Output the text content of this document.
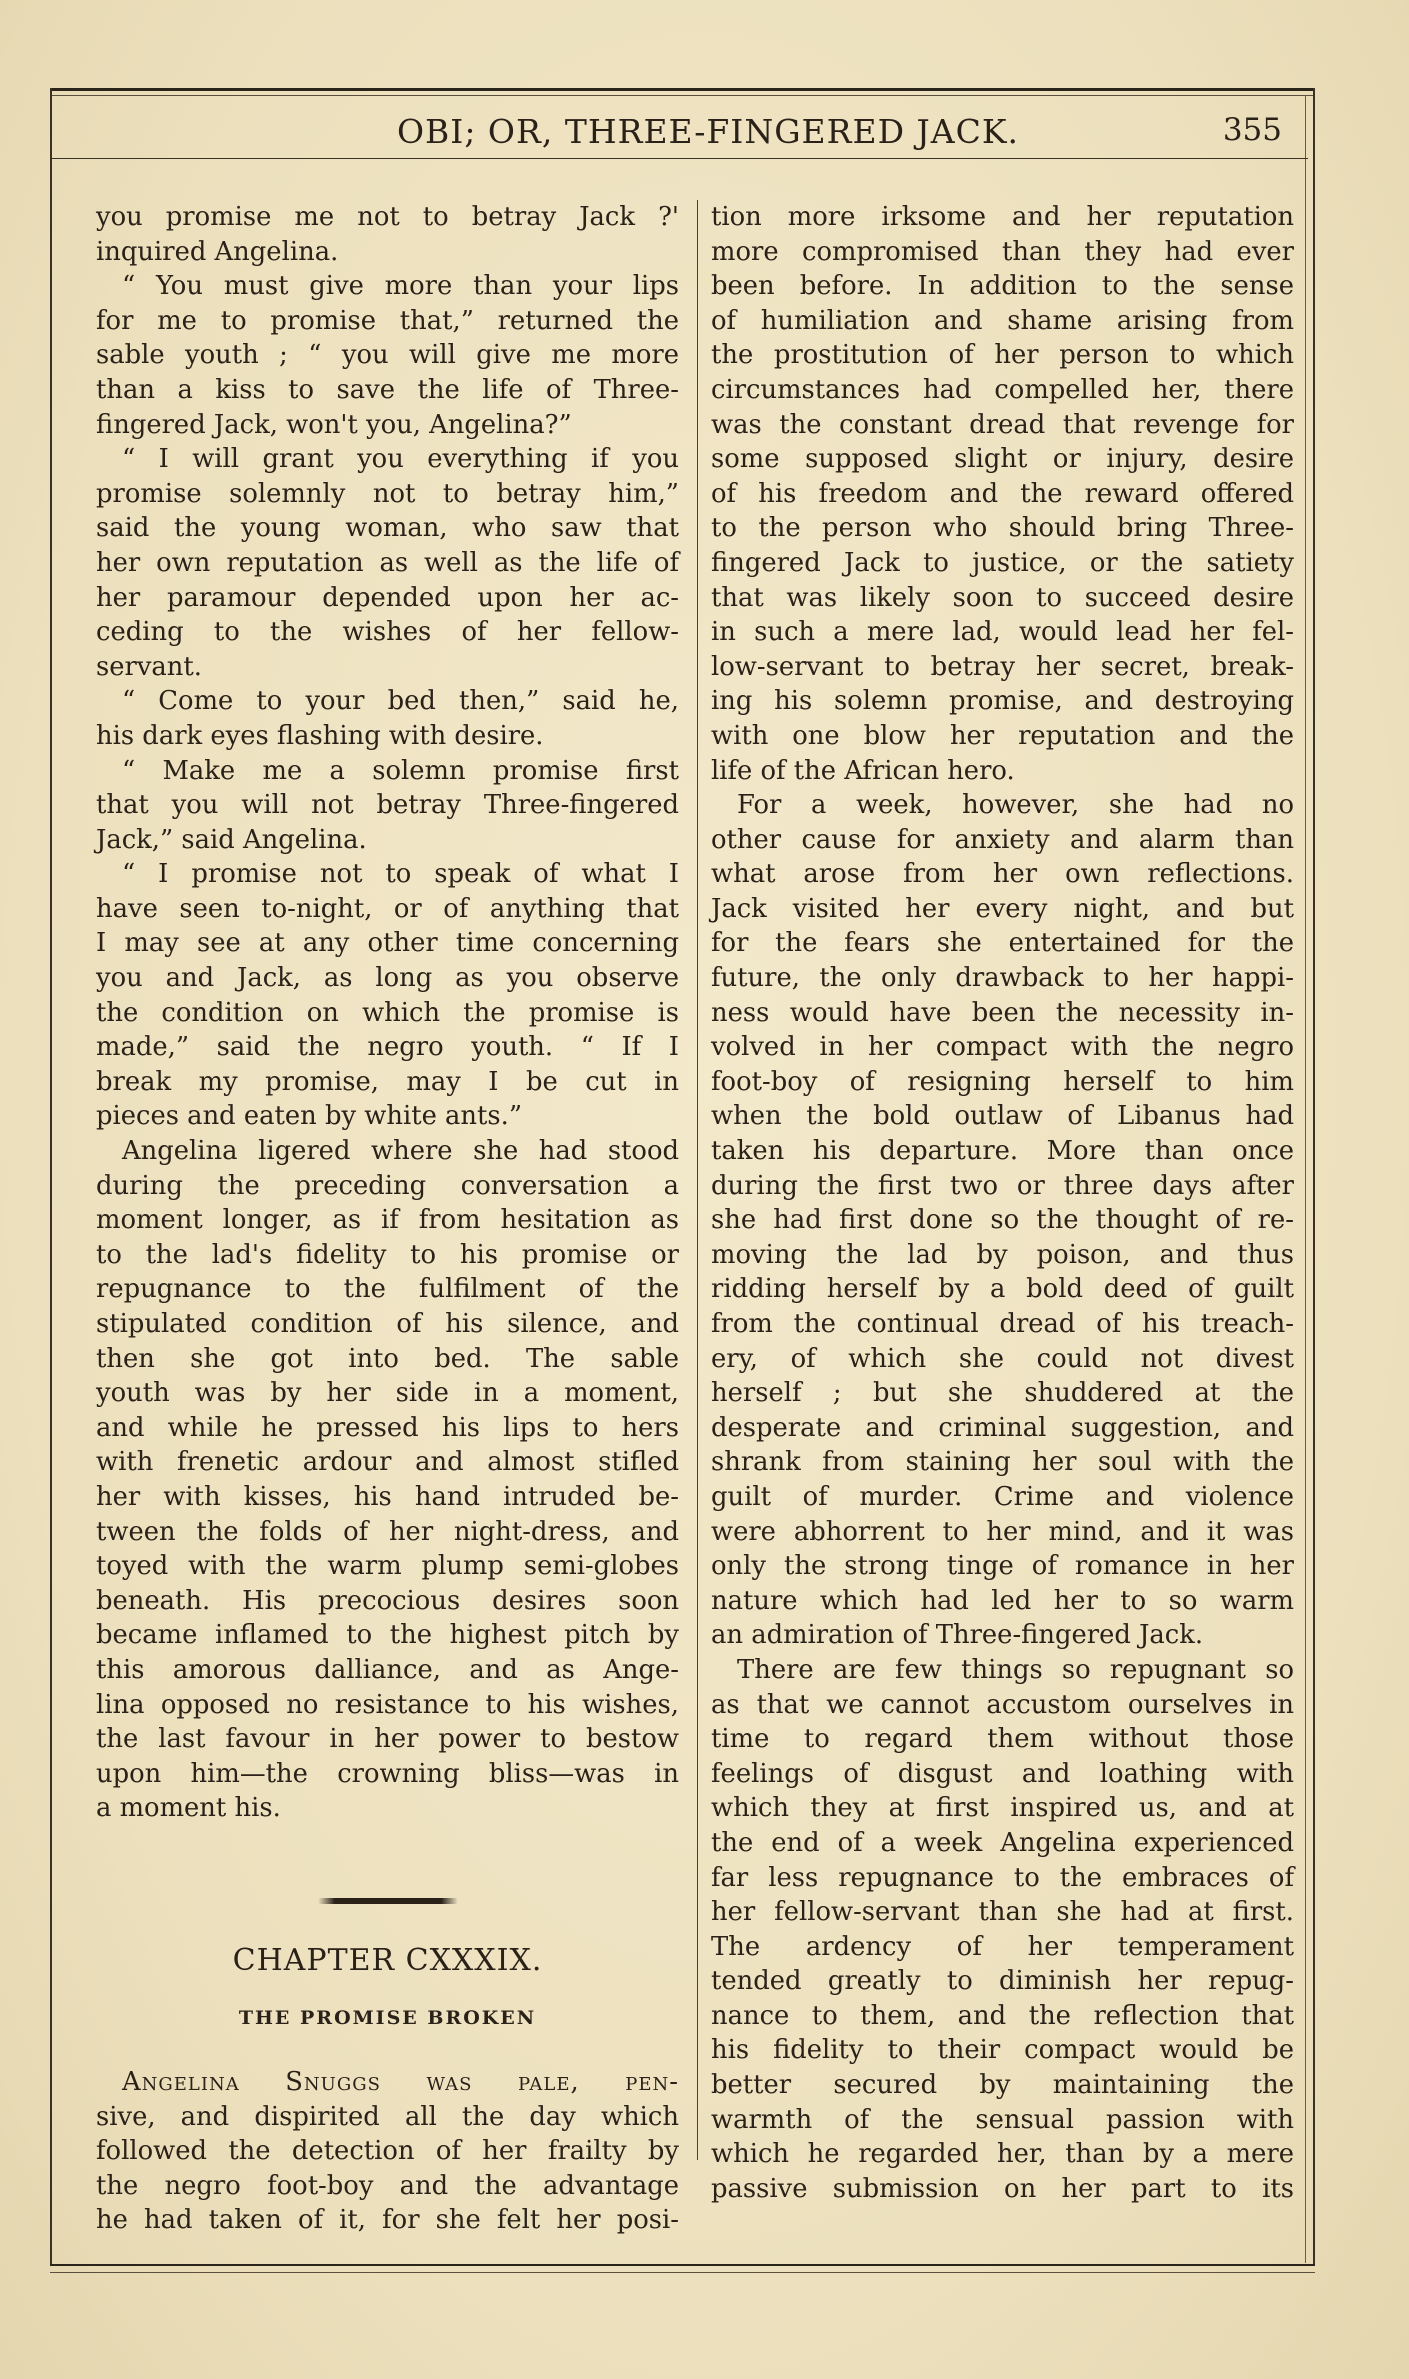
OBI; OR, THREE-FINGERED JACK.	355
you promise me not to betray Jack ?'
inquired Angelina.
“ You must give more than your lips
for me to promise that,” returned the
sable youth ; “ you will give me more
than a kiss to save the life of Three-
fingered Jack, won't you, Angelina?”
“ I will grant you everything if you
promise solemnly not to betray him,”
said the young woman, who saw that
her own reputation as well as the life of
her paramour depended upon her ac-
ceding to the wishes of her fellow-
servant.
“ Come to your bed then,” said he,
his dark eyes flashing with desire.
“ Make me a solemn promise first
that you will not betray Three-fingered
Jack,” said Angelina.
“ I promise not to speak of what I
have seen to-night, or of anything that
I may see at any other time concerning
you and Jack, as long as you observe
the condition on which the promise is
made,” said the negro youth. “ If I
break my promise, may I be cut in
pieces and eaten by white ants.”
Angelina ligered where she had stood
during the preceding conversation a
moment longer, as if from hesitation as
to the lad's fidelity to his promise or
repugnance to the fulfilment of the
stipulated condition of his silence, and
then she got into bed. The sable
youth was by her side in a moment,
and while he pressed his lips to hers
with frenetic ardour and almost stifled
her with kisses, his hand intruded be-
tween the folds of her night-dress, and
toyed with the warm plump semi-globes
beneath. His precocious desires soon
became inflamed to the highest pitch by
this amorous dalliance, and as Ange-
lina opposed no resistance to his wishes,
the last favour in her power to bestow
upon him—the crowning bliss—was in
a moment his.
CHAPTER CXXXIX.
THE PROMISE BROKEN
Angelina Snuggs was pale, pen-
sive, and dispirited all the day which
followed the detection of her frailty by
the negro foot-boy and the advantage
he had taken of it, for she felt her posi-
tion more irksome and her reputation
more compromised than they had ever
been before. In addition to the sense
of humiliation and shame arising from
the prostitution of her person to which
circumstances had compelled her, there
was the constant dread that revenge for
some supposed slight or injury, desire
of his freedom and the reward offered
to the person who should bring Three-
fingered Jack to justice, or the satiety
that was likely soon to succeed desire
in such a mere lad, would lead her fel-
low-servant to betray her secret, break-
ing his solemn promise, and destroying
with one blow her reputation and the
life of the African hero.
For a week, however, she had no
other cause for anxiety and alarm than
what arose from her own reflections.
Jack visited her every night, and but
for the fears she entertained for the
future, the only drawback to her happi-
ness would have been the necessity in-
volved in her compact with the negro
foot-boy of resigning herself to him
when the bold outlaw of Libanus had
taken his departure. More than once
during the first two or three days after
she had first done so the thought of re-
moving the lad by poison, and thus
ridding herself by a bold deed of guilt
from the continual dread of his treach-
ery, of which she could not divest
herself ; but she shuddered at the
desperate and criminal suggestion, and
shrank from staining her soul with the
guilt of murder. Crime and violence
were abhorrent to her mind, and it was
only the strong tinge of romance in her
nature which had led her to so warm
an admiration of Three-fingered Jack.
There are few things so repugnant so
as that we cannot accustom ourselves in
time to regard them without those
feelings of disgust and loathing with
which they at first inspired us, and at
the end of a week Angelina experienced
far less repugnance to the embraces of
her fellow-servant than she had at first.
The ardency of her temperament
tended greatly to diminish her repug-
nance to them, and the reflection that
his fidelity to their compact would be
better secured by maintaining the
warmth of the sensual passion with
which he regarded her, than by a mere
passive submission on her part to its
